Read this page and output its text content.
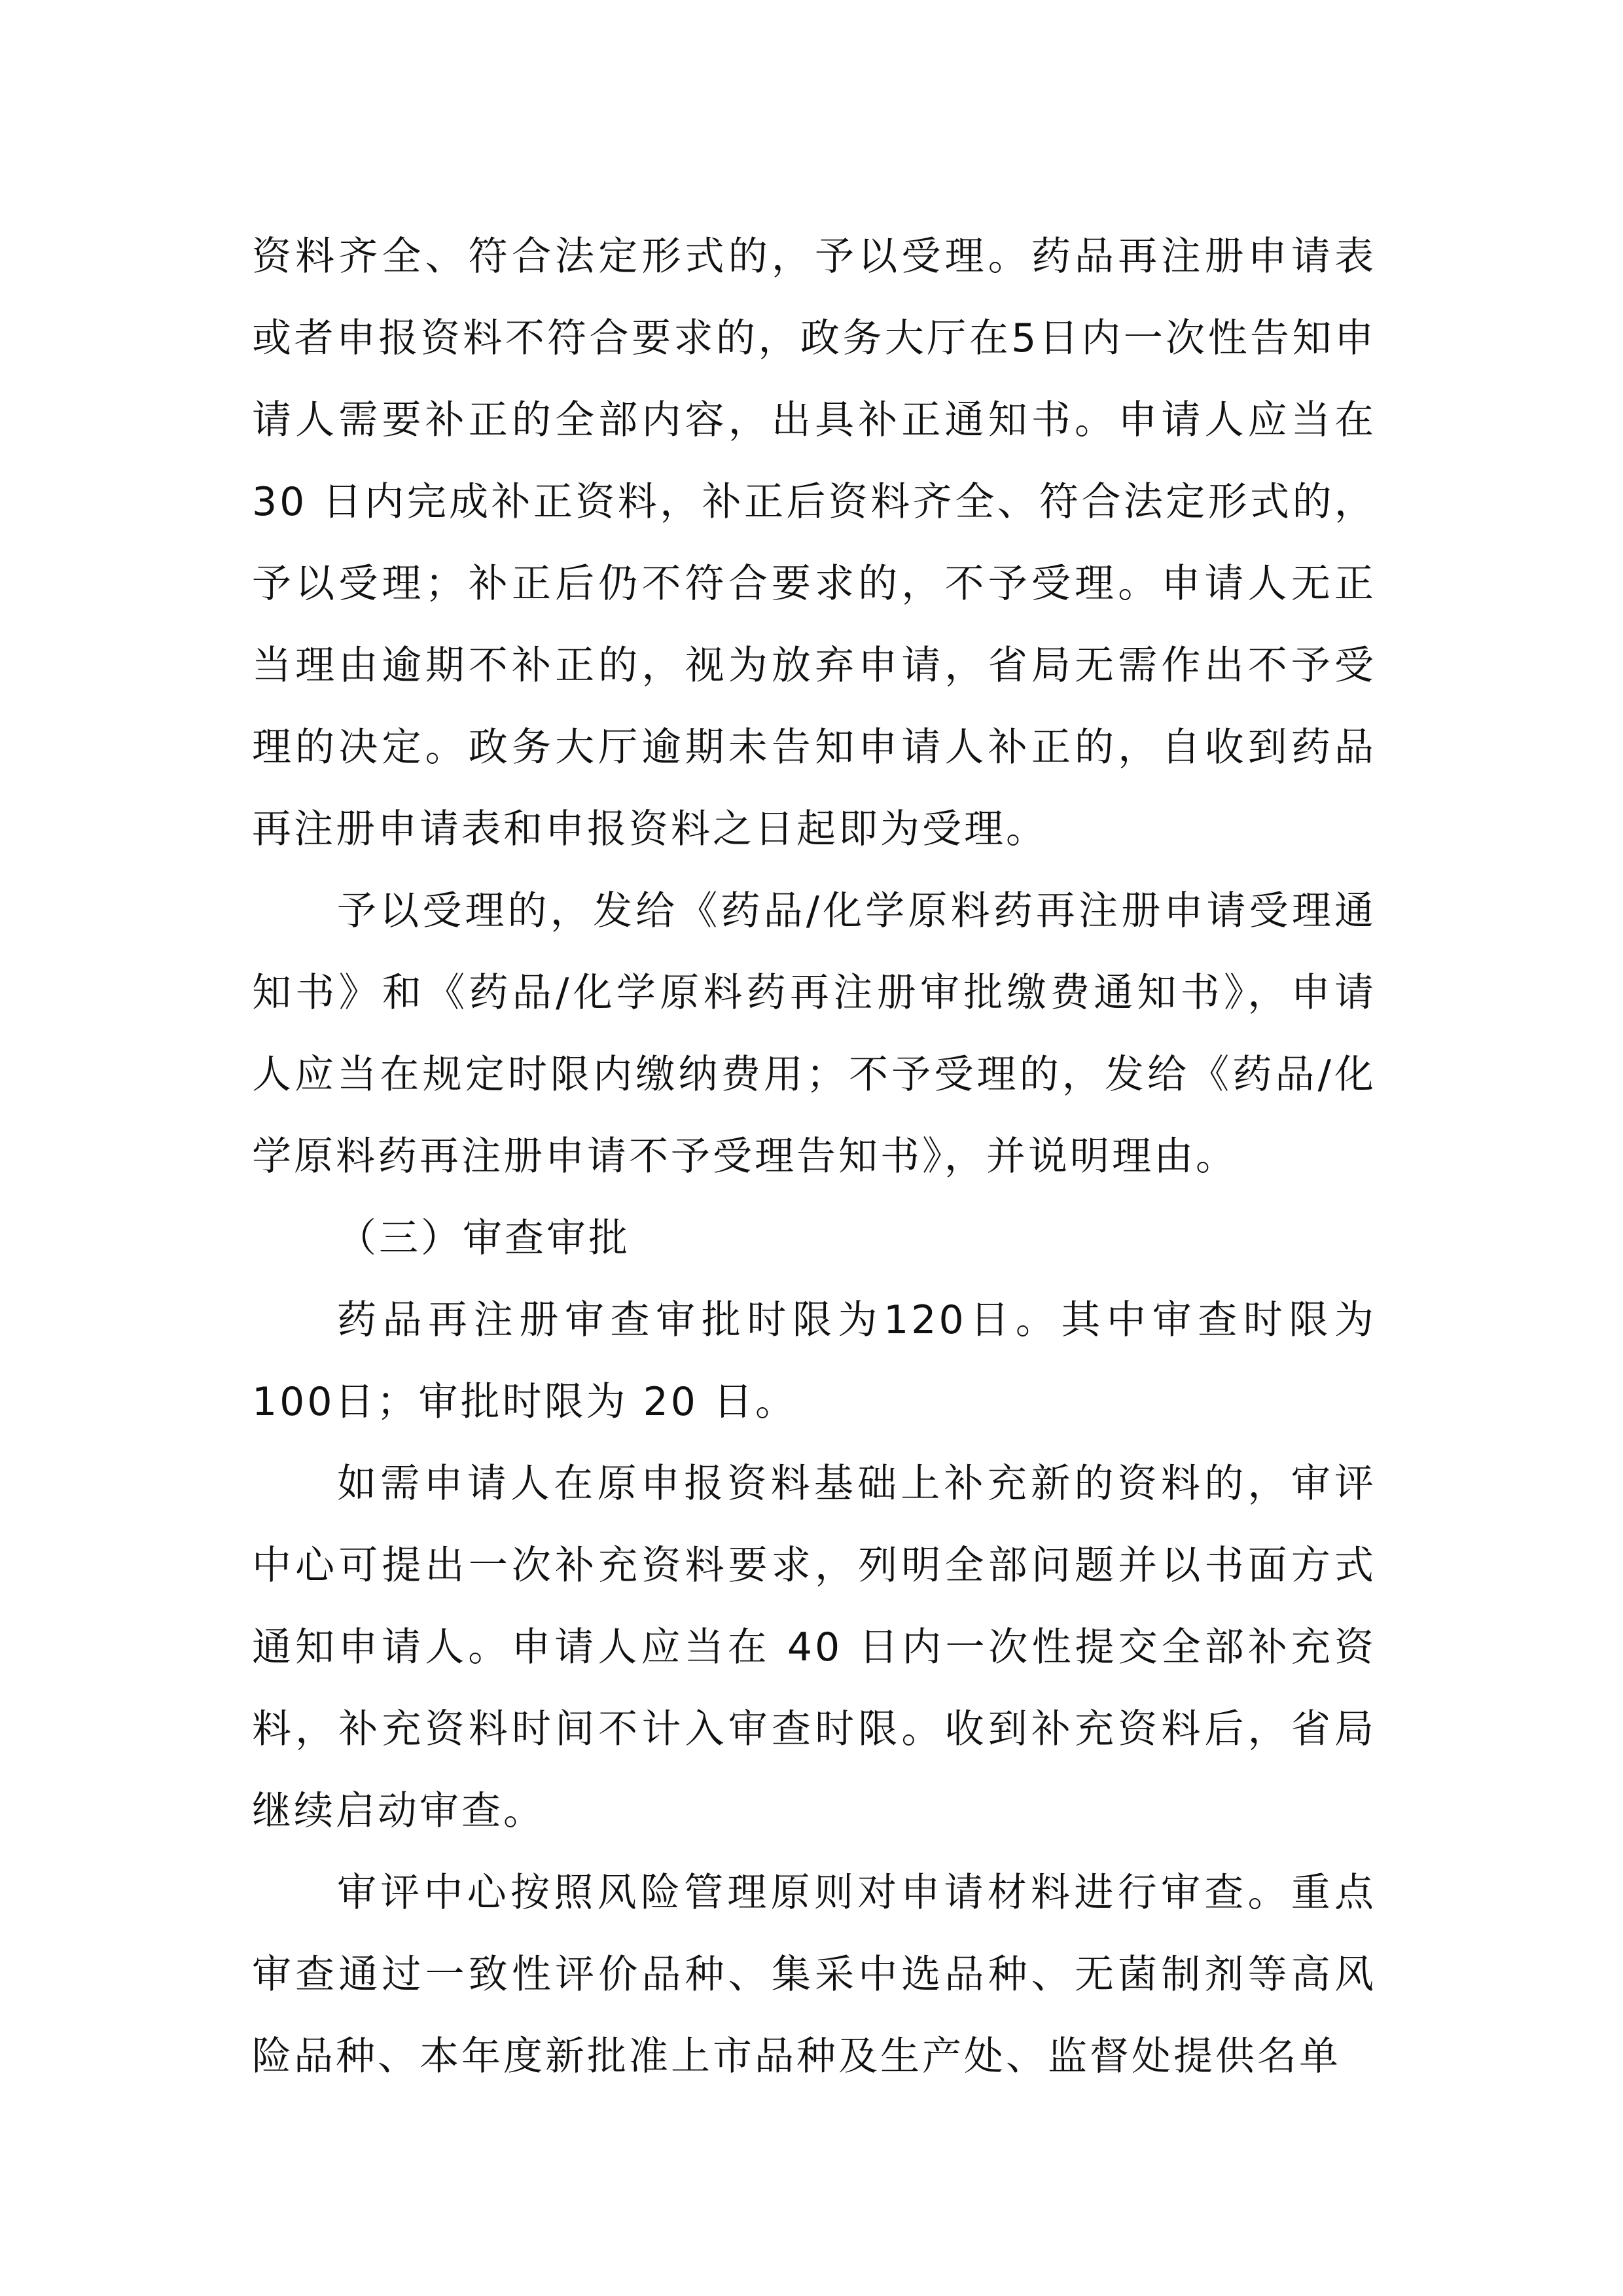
资料齐全、符合法定形式的，予以受理。药品再注册申请表或者申报资料不符合要求的，政务大厅在5日内一次性告知申请人需要补正的全部内容，出具补正通知书。申请人应当在 30 日内完成补正资料，补正后资料齐全、符合法定形式的，予以受理；补正后仍不符合要求的，不予受理。申请人无正当理由逾期不补正的，视为放弃申请，省局无需作出不予受理的决定。政务大厅逾期未告知申请人补正的，自收到药品再注册申请表和申报资料之日起即为受理。

予以受理的，发给《药品/化学原料药再注册申请受理通知书》和《药品/化学原料药再注册审批缴费通知书》，申请人应当在规定时限内缴纳费用；不予受理的，发给《药品/化学原料药再注册申请不予受理告知书》，并说明理由。

（三）审查审批

药品再注册审查审批时限为120日。其中审查时限为100日；审批时限为 20 日。

如需申请人在原申报资料基础上补充新的资料的，审评中心可提出一次补充资料要求，列明全部问题并以书面方式通知申请人。申请人应当在 40 日内一次性提交全部补充资料，补充资料时间不计入审查时限。收到补充资料后，省局继续启动审查。

审评中心按照风险管理原则对申请材料进行审查。重点审查通过一致性评价品种、集采中选品种、无菌制剂等高风险品种、本年度新批准上市品种及生产处、监督处提供名单
